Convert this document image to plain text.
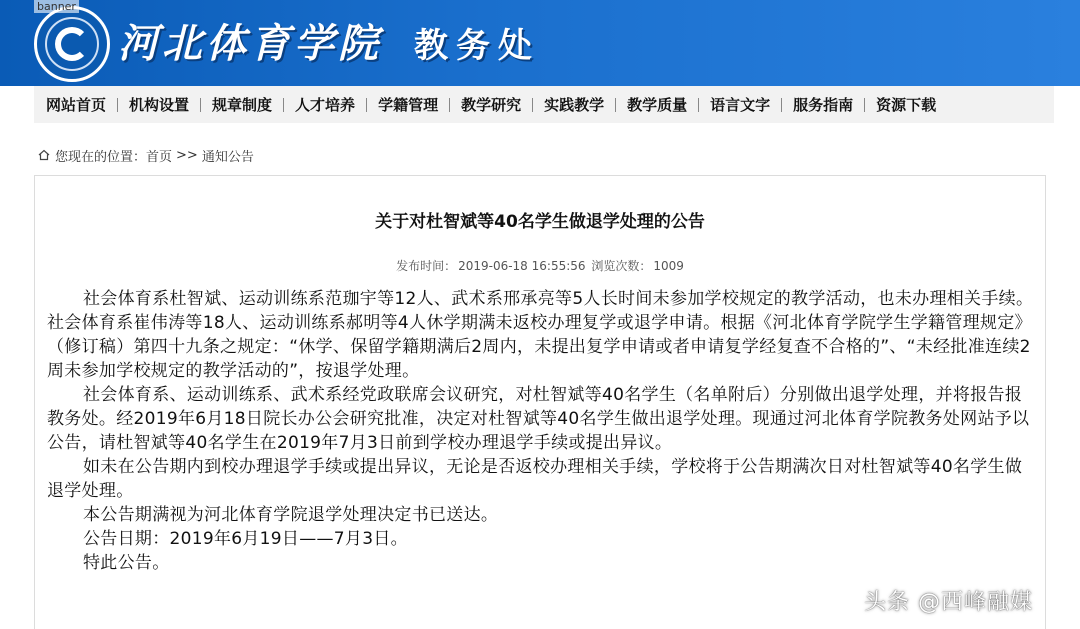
banner
河北体育学院 教务处
网站首页 机构设置 规章制度 人才培养 学籍管理 教学研究 实践教学 教学质量 语言文字 服务指南 资源下载
您现在的位置： 首页 >> 通知公告
关于对杜智斌等40名学生做退学处理的公告
发布时间： 2019-06-18 16:55:56 浏览次数： 1009

社会体育系杜智斌、运动训练系范珈宇等12人、武术系邢承亮等5人长时间未参加学校规定的教学活动，也未办理相关手续。社会体育系崔伟涛等18人、运动训练系郝明等4人休学期满未返校办理复学或退学申请。根据《河北体育学院学生学籍管理规定》（修订稿）第四十九条之规定：“休学、保留学籍期满后2周内，未提出复学申请或者申请复学经复查不合格的”、“未经批准连续2周未参加学校规定的教学活动的”，按退学处理。

社会体育系、运动训练系、武术系经党政联席会议研究，对杜智斌等40名学生（名单附后）分别做出退学处理，并将报告报教务处。经2019年6月18日院长办公会研究批准，决定对杜智斌等40名学生做出退学处理。现通过河北体育学院教务处网站予以公告，请杜智斌等40名学生在2019年7月3日前到学校办理退学手续或提出异议。

如未在公告期内到校办理退学手续或提出异议，无论是否返校办理相关手续，学校将于公告期满次日对杜智斌等40名学生做退学处理。

本公告期满视为河北体育学院退学处理决定书已送达。

公告日期：2019年6月19日——7月3日。

特此公告。

头条 @西峰融媒
